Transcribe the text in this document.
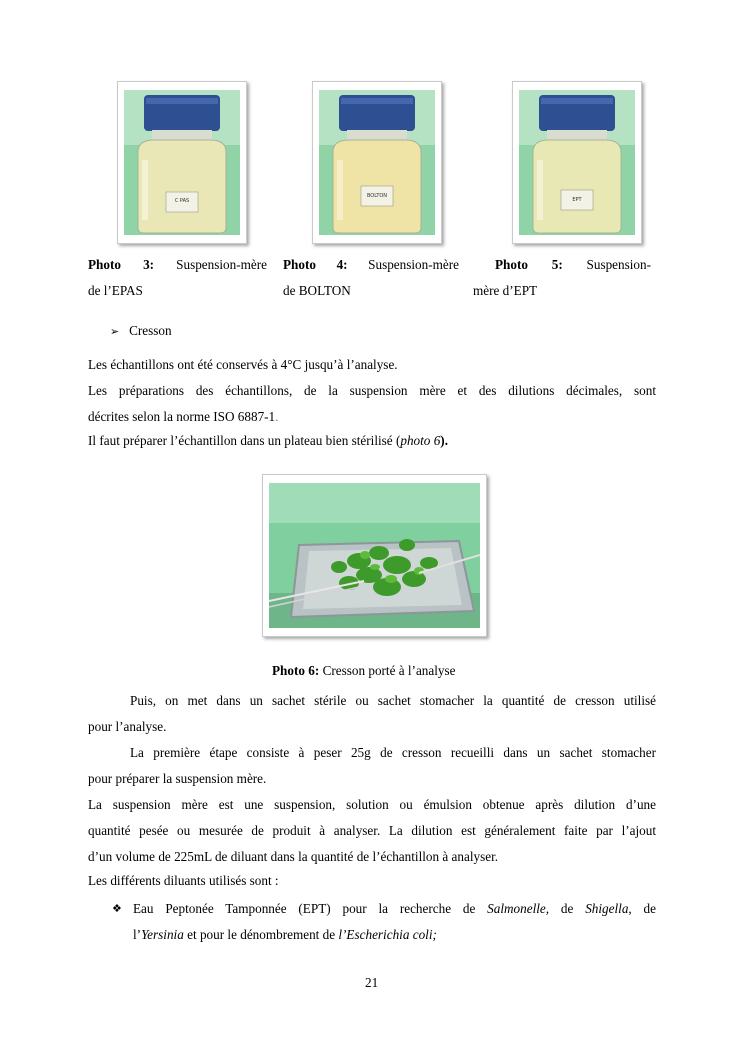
C PAS
BOLTON
EPT
Photo 3: Suspension-mère
de l’EPAS
Photo 4: Suspension-mère
de BOLTON
Photo 5: Suspension-
mère d’EPT
➢ Cresson
Les échantillons ont été conservés à 4°C jusqu’à l’analyse.
Les préparations des échantillons, de la suspension mère et des dilutions décimales, sont
décrites selon la norme ISO 6887-1.
Il faut préparer l’échantillon dans un plateau bien stérilisé (photo 6).
Photo 6: Cresson porté à l’analyse
Puis, on met dans un sachet stérile ou sachet stomacher la quantité de cresson utilisé
pour l’analyse.
La première étape consiste à peser 25g de cresson recueilli dans un sachet stomacher
pour préparer la suspension mère.
La suspension mère est une suspension, solution ou émulsion obtenue après dilution d’une
quantité pesée ou mesurée de produit à analyser. La dilution est généralement faite par l’ajout
d’un volume de 225mL de diluant dans la quantité de l’échantillon à analyser.
Les différents diluants utilisés sont :
❖ Eau Peptonée Tamponnée (EPT) pour la recherche de Salmonelle, de Shigella, de
l’Yersinia et pour le dénombrement de l’Escherichia coli;
21
